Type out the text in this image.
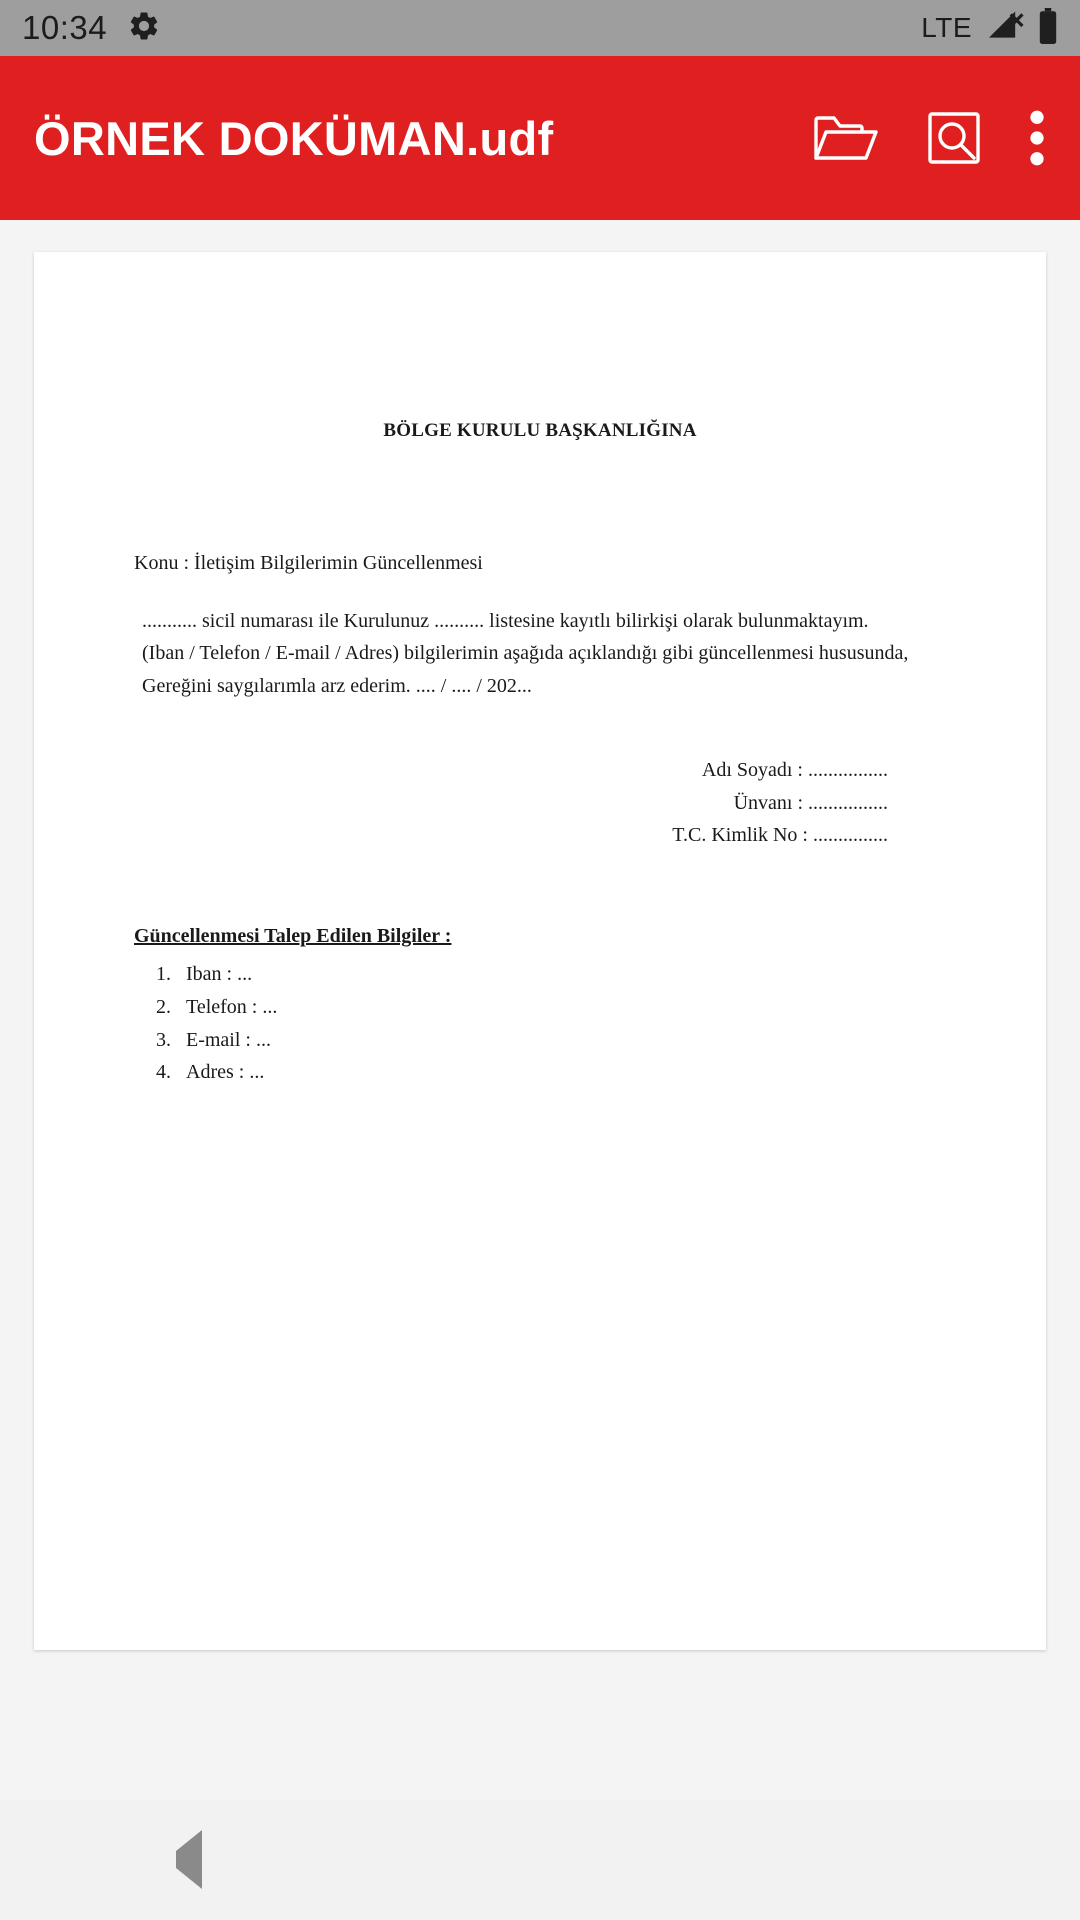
10:34	LTE
ÖRNEK DOKÜMAN.udf
BÖLGE KURULU BAŞKANLIĞINA
Konu : İletişim Bilgilerimin Güncellenmesi
........... sicil numarası ile Kurulunuz .......... listesine kayıtlı bilirkişi olarak bulunmaktayım.
(Iban / Telefon / E-mail / Adres) bilgilerimin aşağıda açıklandığı gibi güncellenmesi hususunda,
Gereğini saygılarımla arz ederim. .... / .... / 202...
Adı Soyadı : ................
Ünvanı : ................
T.C. Kimlik No : ...............
Güncellenmesi Talep Edilen Bilgiler :
1. Iban : ...
2. Telefon : ...
3. E-mail : ...
4. Adres : ...
